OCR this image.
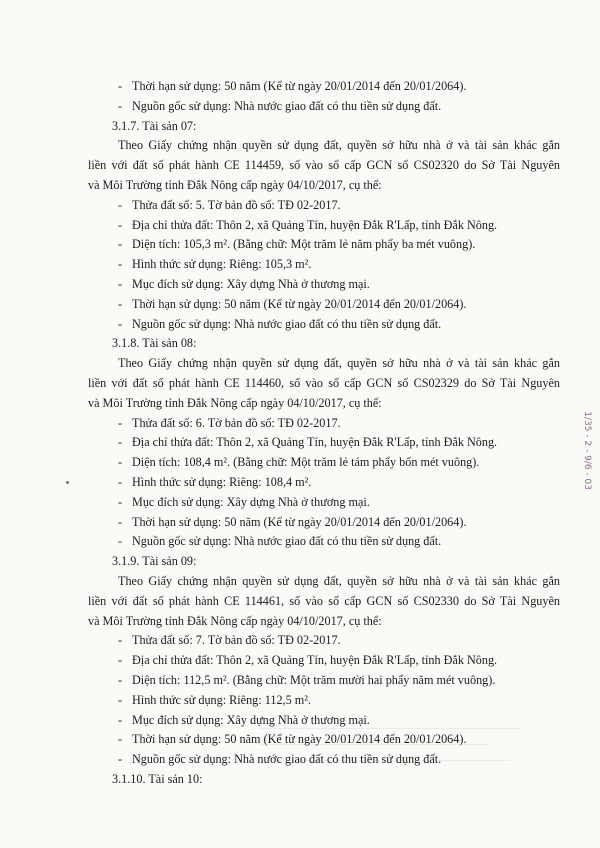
- Thời hạn sử dụng: 50 năm (Kể từ ngày 20/01/2014 đến 20/01/2064).
- Nguồn gốc sử dụng: Nhà nước giao đất có thu tiền sử dụng đất.
3.1.7. Tài sản 07:
Theo Giấy chứng nhận quyền sử dụng đất, quyền sở hữu nhà ở và tài sản khác gắn
liền với đất số phát hành CE 114459, số vào sổ cấp GCN số CS02320 do Sở Tài Nguyên
và Môi Trường tỉnh Đắk Nông cấp ngày 04/10/2017, cụ thể:
- Thửa đất số: 5. Tờ bản đồ số: TĐ 02-2017.
- Địa chỉ thửa đất: Thôn 2, xã Quảng Tín, huyện Đắk R'Lấp, tỉnh Đắk Nông.
- Diện tích: 105,3 m². (Bằng chữ: Một trăm lẻ năm phẩy ba mét vuông).
- Hình thức sử dụng: Riêng: 105,3 m².
- Mục đích sử dụng: Xây dựng Nhà ở thương mại.
- Thời hạn sử dụng: 50 năm (Kể từ ngày 20/01/2014 đến 20/01/2064).
- Nguồn gốc sử dụng: Nhà nước giao đất có thu tiền sử dụng đất.
3.1.8. Tài sản 08:
Theo Giấy chứng nhận quyền sử dụng đất, quyền sở hữu nhà ở và tài sản khác gắn
liền với đất số phát hành CE 114460, số vào sổ cấp GCN số CS02329 do Sở Tài Nguyên
và Môi Trường tỉnh Đắk Nông cấp ngày 04/10/2017, cụ thể:
- Thửa đất số: 6. Tờ bản đồ số: TĐ 02-2017.
- Địa chỉ thửa đất: Thôn 2, xã Quảng Tín, huyện Đắk R'Lấp, tỉnh Đắk Nông.
- Diện tích: 108,4 m². (Bằng chữ: Một trăm lẻ tám phẩy bốn mét vuông).
- Hình thức sử dụng: Riêng: 108,4 m².
- Mục đích sử dụng: Xây dựng Nhà ở thương mại.
- Thời hạn sử dụng: 50 năm (Kể từ ngày 20/01/2014 đến 20/01/2064).
- Nguồn gốc sử dụng: Nhà nước giao đất có thu tiền sử dụng đất.
3.1.9. Tài sản 09:
Theo Giấy chứng nhận quyền sử dụng đất, quyền sở hữu nhà ở và tài sản khác gắn
liền với đất số phát hành CE 114461, số vào sổ cấp GCN số CS02330 do Sở Tài Nguyên
và Môi Trường tỉnh Đắk Nông cấp ngày 04/10/2017, cụ thể:
- Thửa đất số: 7. Tờ bản đồ số: TĐ 02-2017.
- Địa chỉ thửa đất: Thôn 2, xã Quảng Tín, huyện Đắk R'Lấp, tỉnh Đắk Nông.
- Diện tích: 112,5 m². (Bằng chữ: Một trăm mười hai phẩy năm mét vuông).
- Hình thức sử dụng: Riêng: 112,5 m².
- Mục đích sử dụng: Xây dựng Nhà ở thương mại.
- Thời hạn sử dụng: 50 năm (Kể từ ngày 20/01/2014 đến 20/01/2064).
- Nguồn gốc sử dụng: Nhà nước giao đất có thu tiền sử dụng đất.
3.1.10. Tài sản 10:
1/35 - 2 - 9/6 - 03
